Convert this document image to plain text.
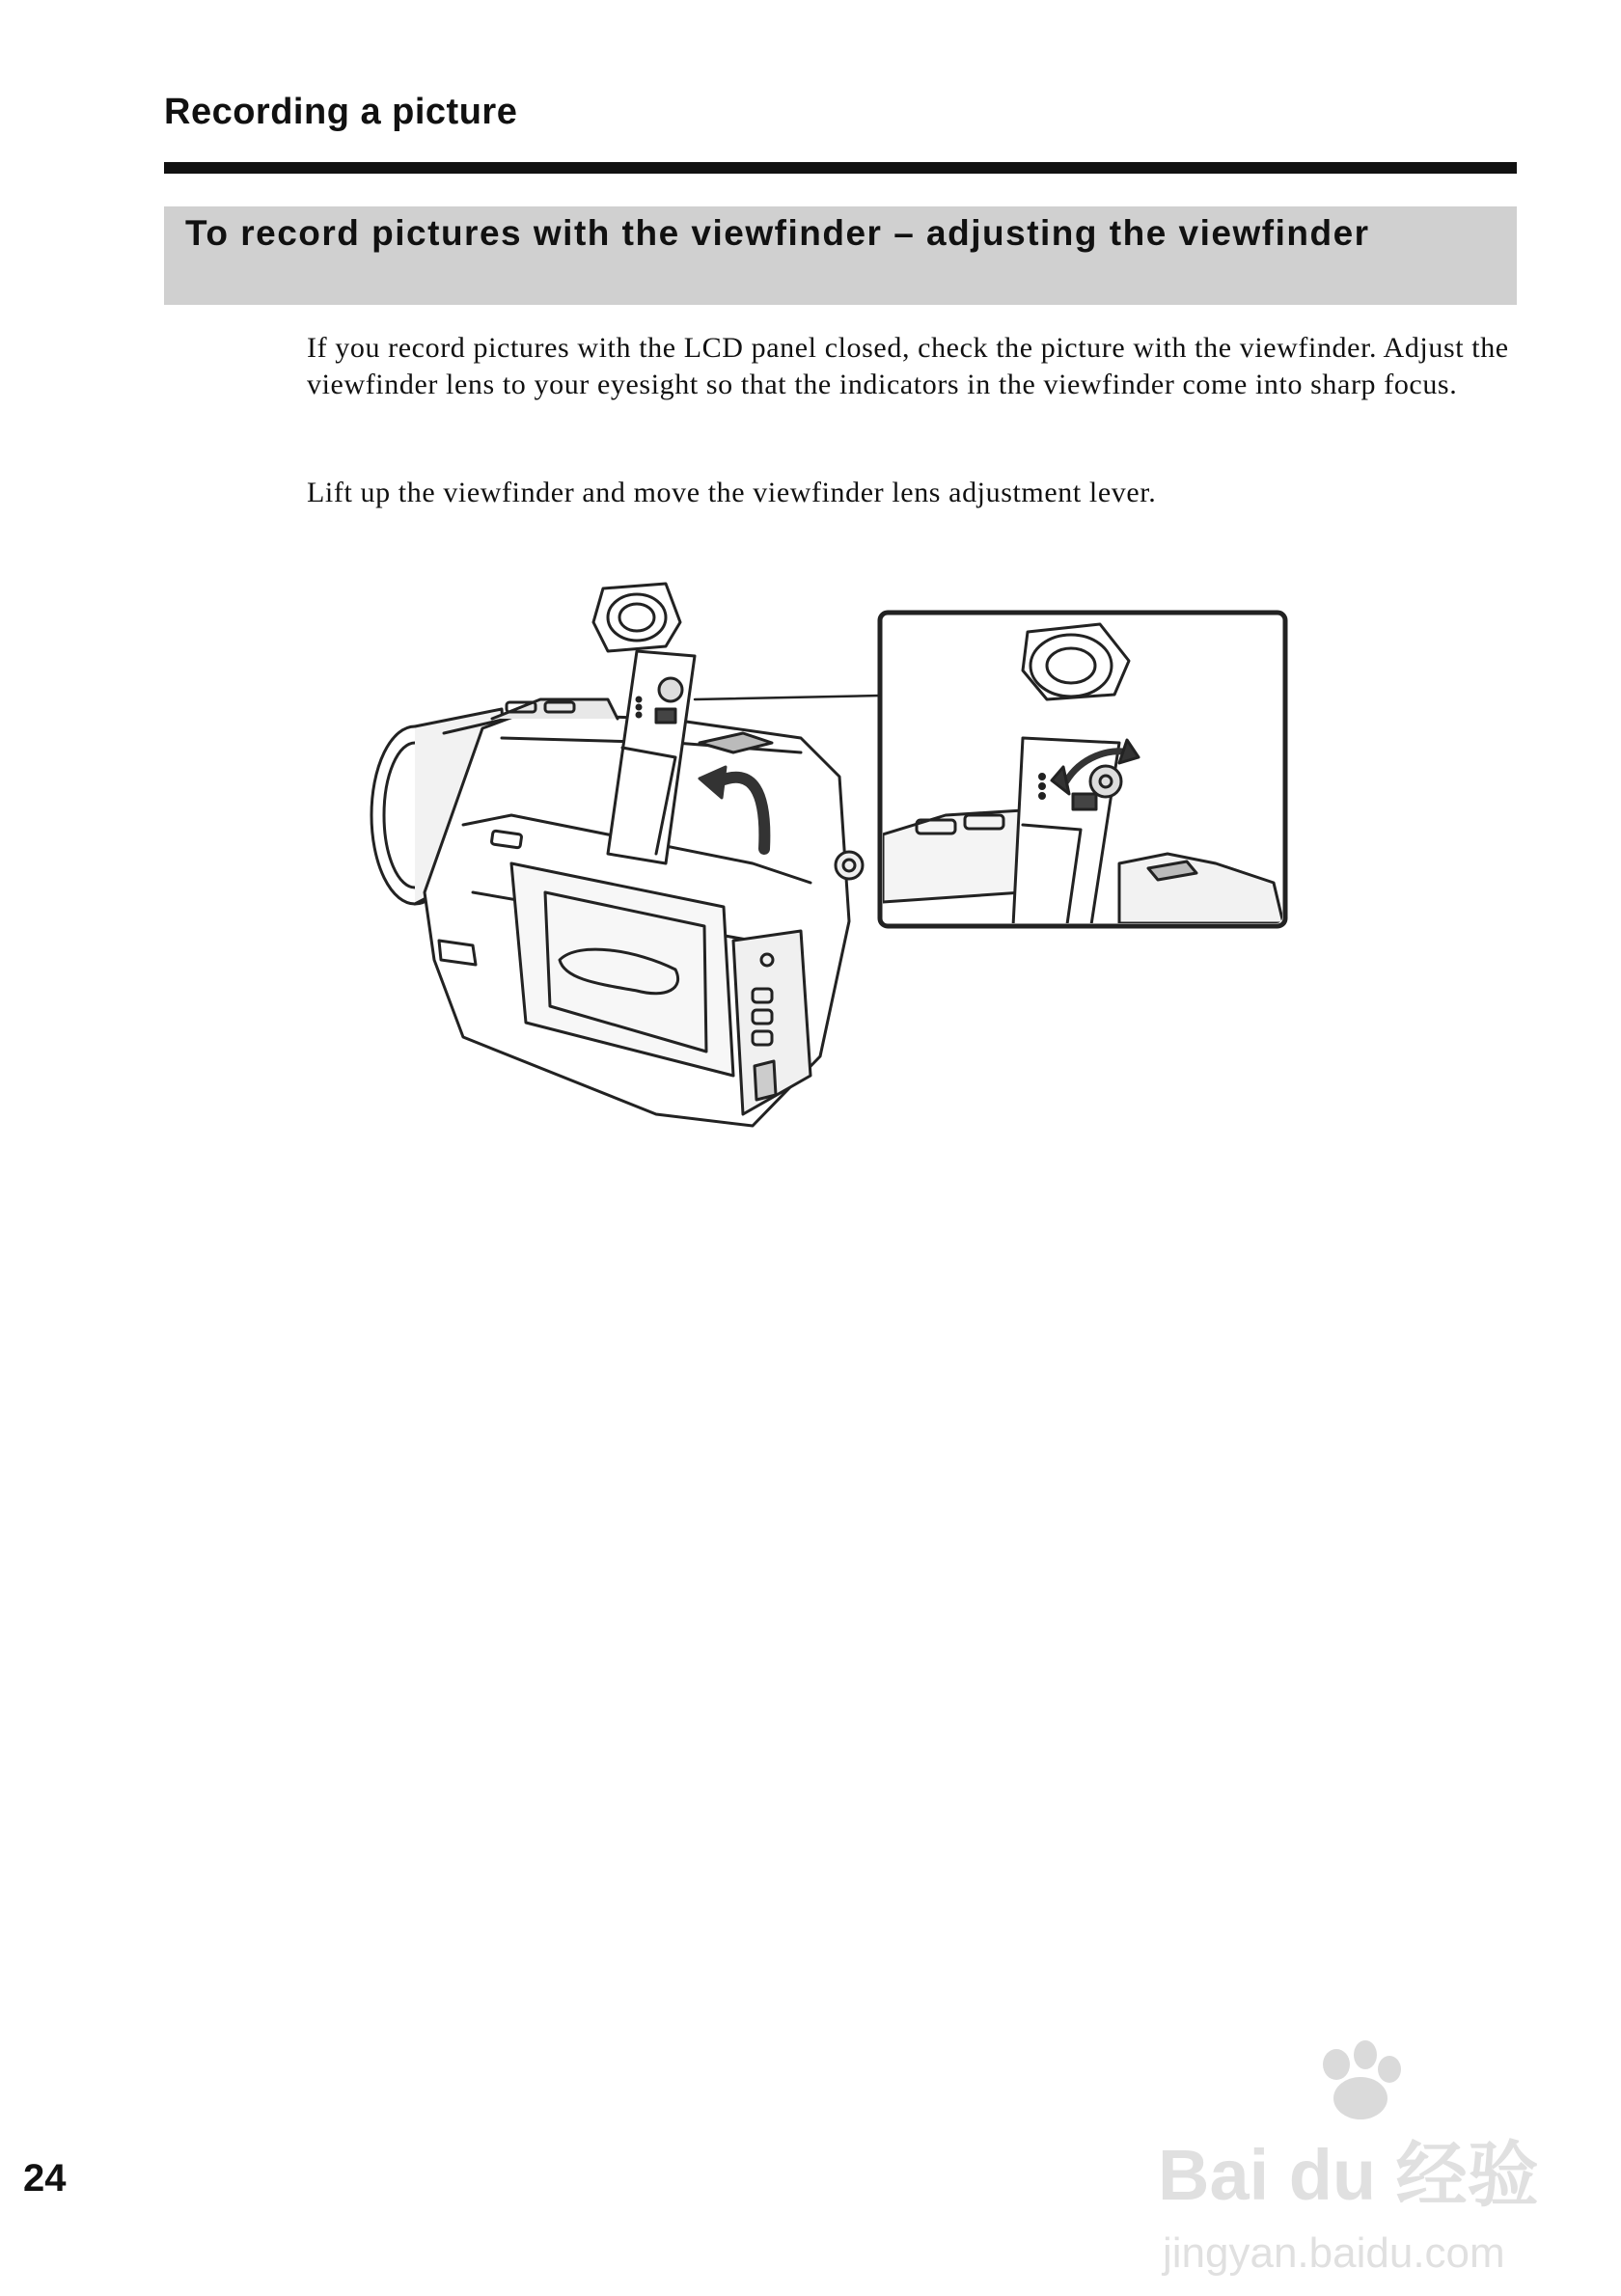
Recording a picture
To record pictures with the viewfinder – adjusting the viewfinder

If you record pictures with the LCD panel closed, check the picture with the viewfinder. Adjust the viewfinder lens to your eyesight so that the indicators in the viewfinder come into sharp focus.

Lift up the viewfinder and move the viewfinder lens adjustment lever.

24	Bai du 经验
jingyan.baidu.com
